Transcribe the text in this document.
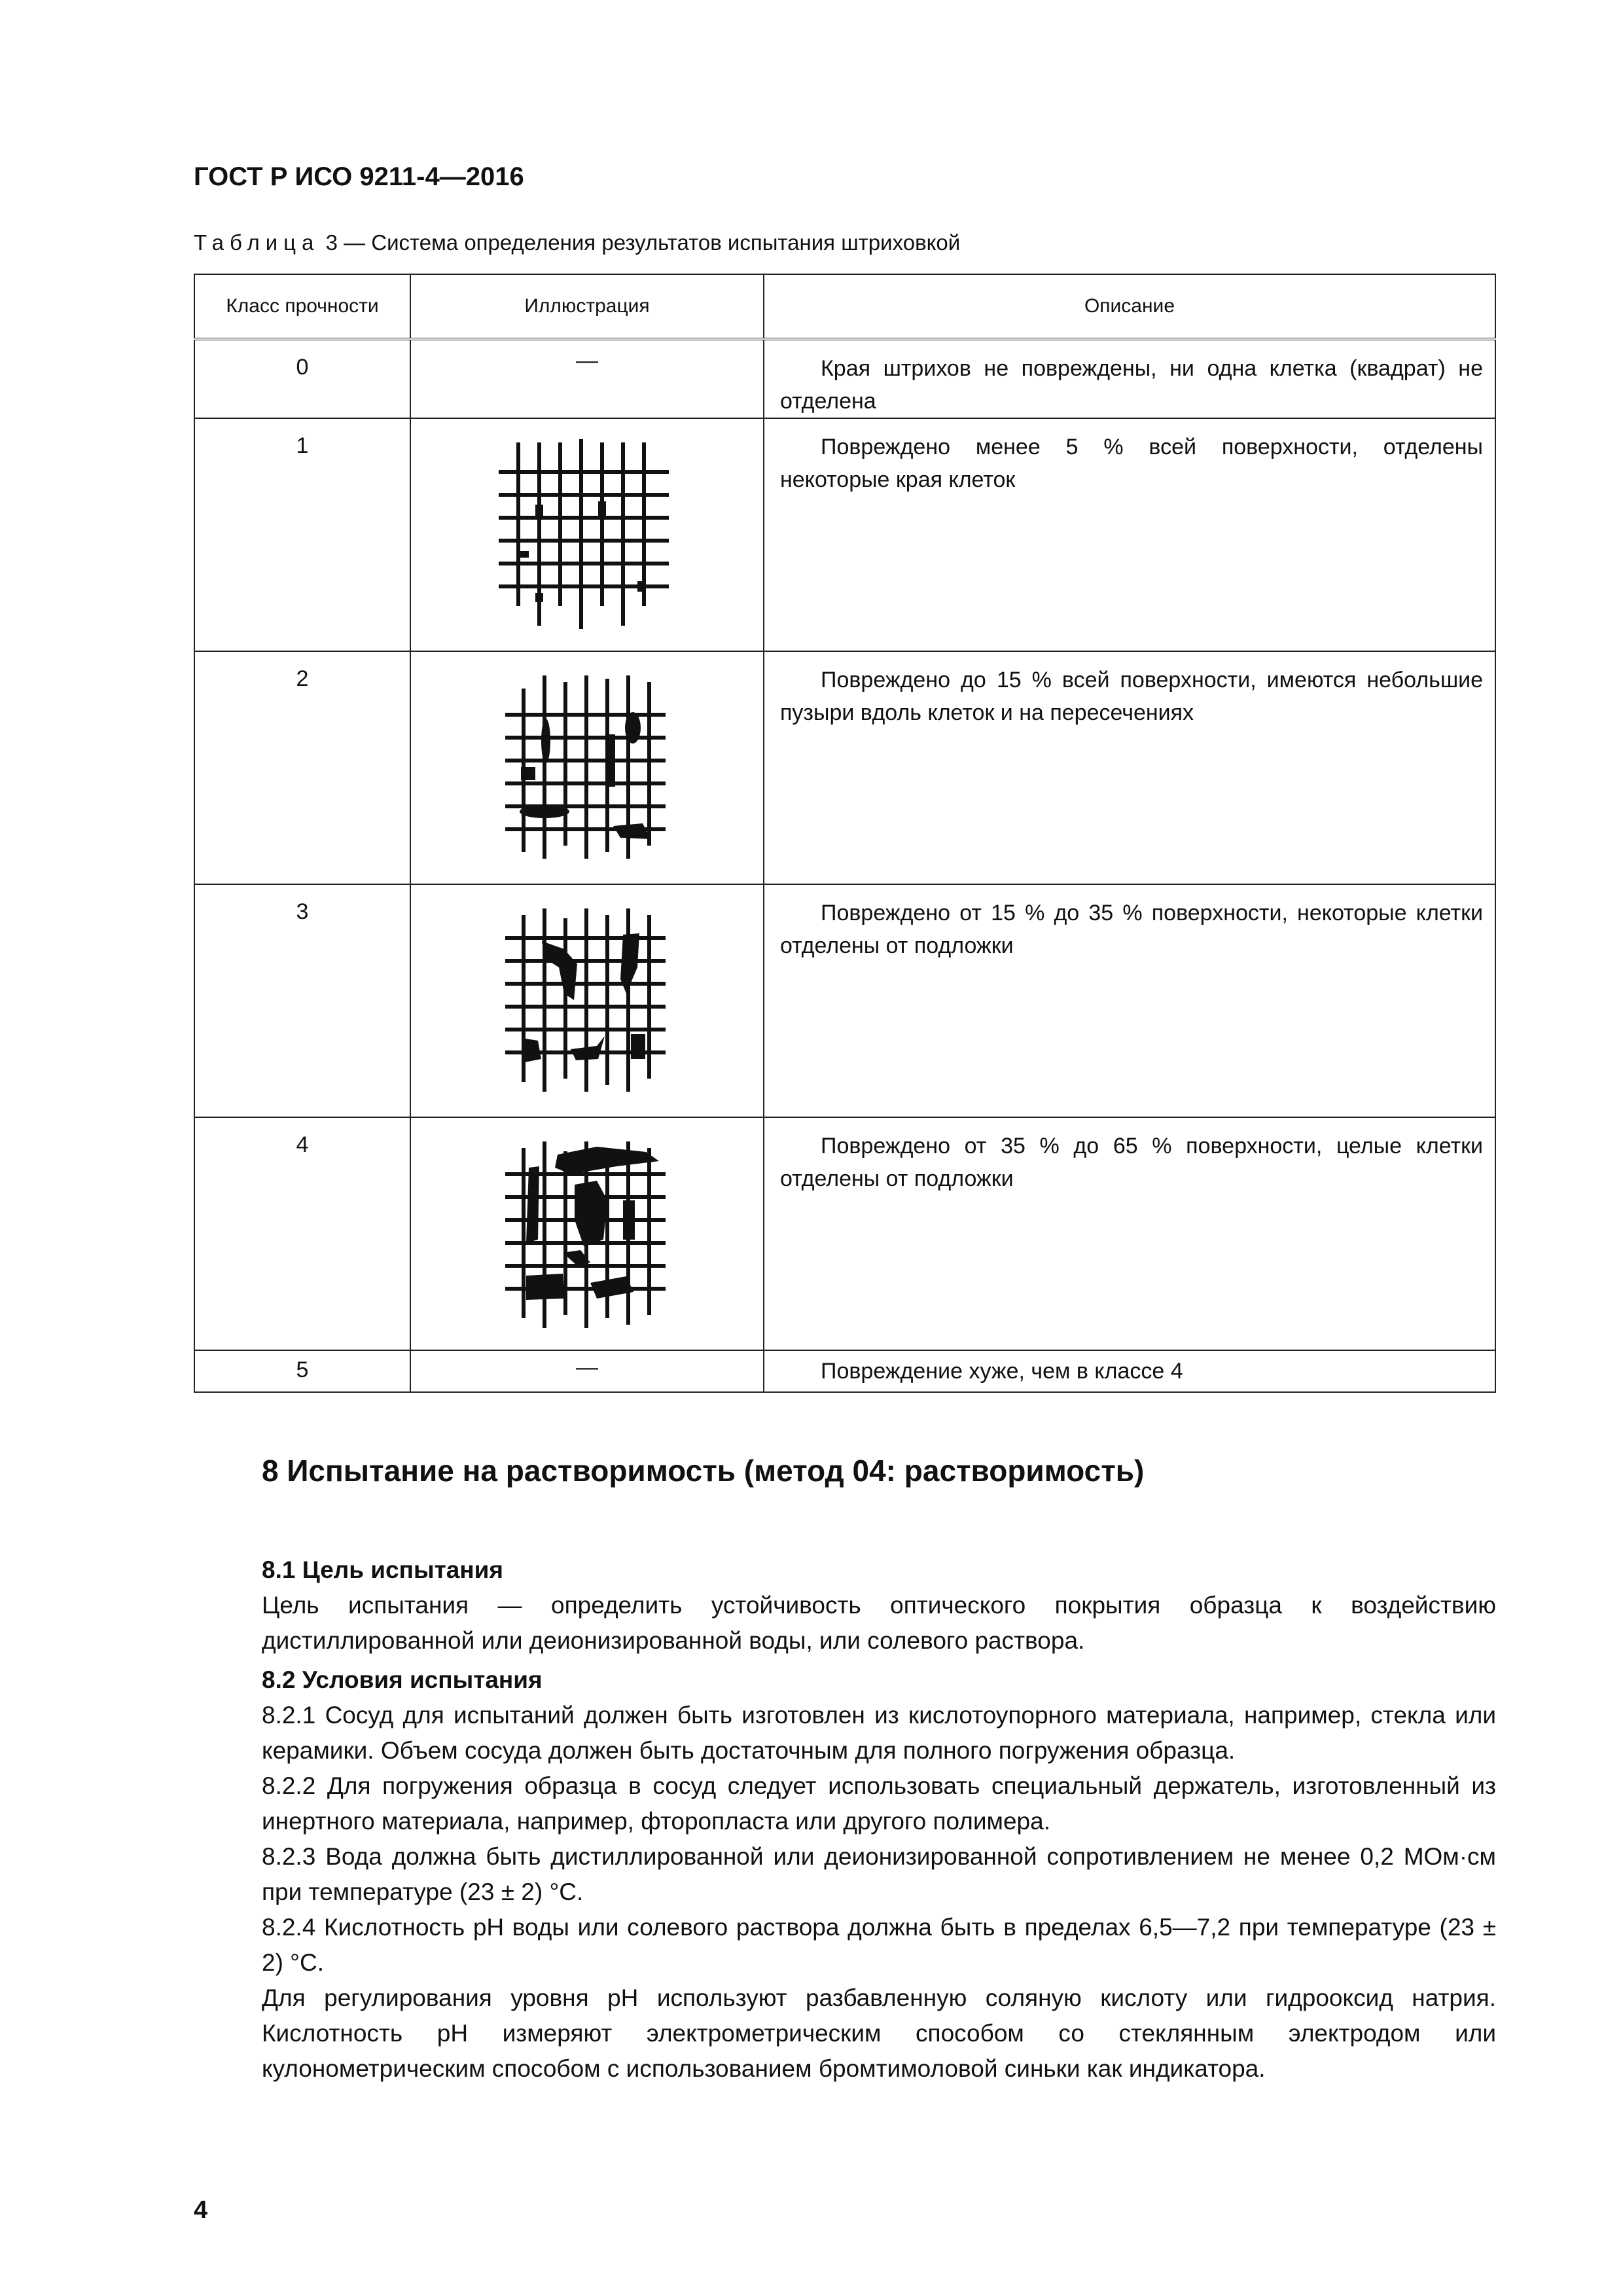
ГОСТ Р ИСО 9211-4—2016
Таблица 3 — Система определения результатов испытания штриховкой
Класс прочности	Иллюстрация	Описание
0	—	Края штрихов не повреждены, ни одна клетка (квадрат) не отделена
1		Повреждено менее 5 % всей поверхности, отделены некоторые края клеток
2		Повреждено до 15 % всей поверхности, имеются небольшие пузыри вдоль клеток и на пересечениях
3		Повреждено от 15 % до 35 % поверхности, некоторые клетки отделены от подложки
4		Повреждено от 35 % до 65 % поверхности, целые клетки отделены от подложки
5	—	Повреждение хуже, чем в классе 4
8 Испытание на растворимость (метод 04: растворимость)

8.1 Цель испытания

Цель испытания — определить устойчивость оптического покрытия образца к воздействию дистиллированной или деионизированной воды, или солевого раствора.

8.2 Условия испытания

8.2.1 Сосуд для испытаний должен быть изготовлен из кислотоупорного материала, например, стекла или керамики. Объем сосуда должен быть достаточным для полного погружения образца.

8.2.2 Для погружения образца в сосуд следует использовать специальный держатель, изготовленный из инертного материала, например, фторопласта или другого полимера.

8.2.3 Вода должна быть дистиллированной или деионизированной сопротивлением не менее 0,2 МОм·см при температуре (23 ± 2) °С.

8.2.4 Кислотность рН воды или солевого раствора должна быть в пределах 6,5—7,2 при температуре (23 ± 2) °С.

Для регулирования уровня рН используют разбавленную соляную кислоту или гидрооксид натрия. Кислотность рН измеряют электрометрическим способом со стеклянным электродом или кулонометрическим способом с использованием бромтимоловой синьки как индикатора.

4
